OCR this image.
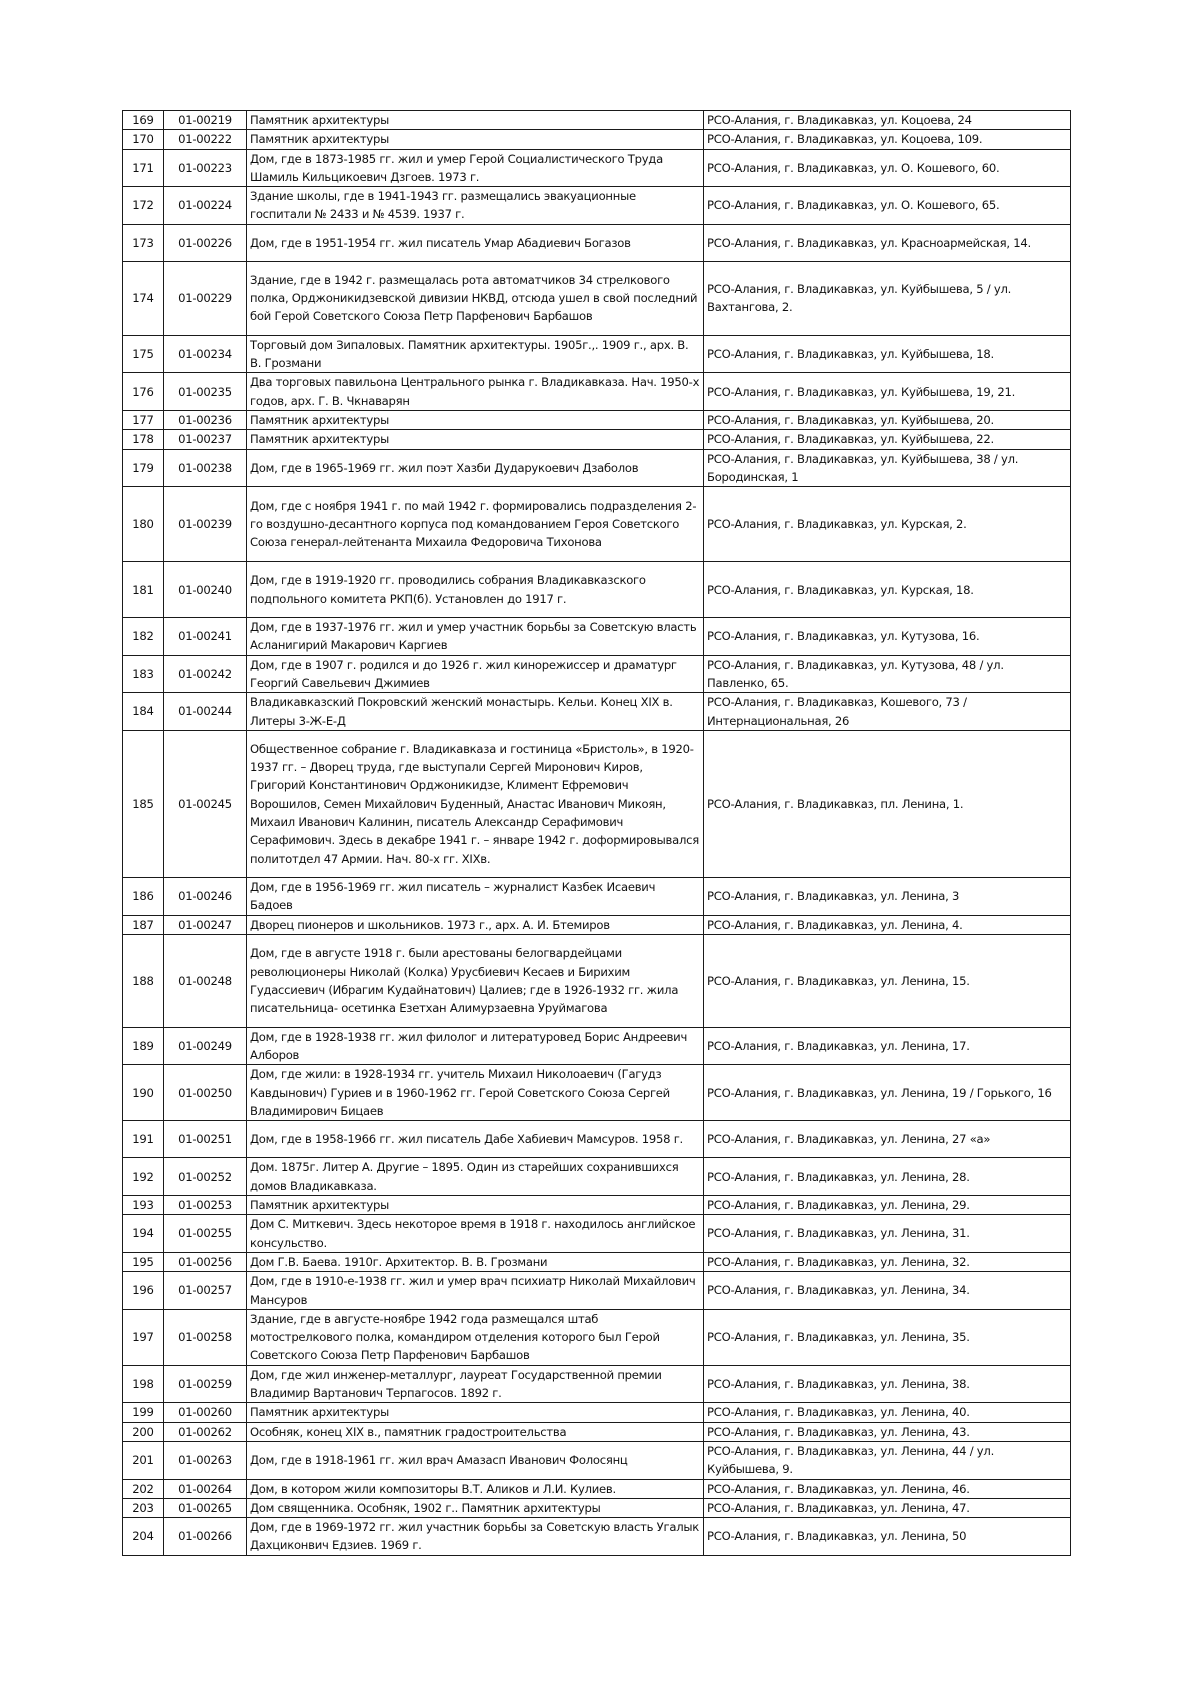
169	01-00219	Памятник архитектуры	РСО-Алания, г. Владикавказ, ул. Коцоева, 24
170	01-00222	Памятник архитектуры	РСО-Алания, г. Владикавказ, ул. Коцоева, 109.
171	01-00223	Дом, где в 1873-1985 гг. жил и умер Герой Социалистического Труда Шамиль Кильцикоевич Дзгоев. 1973 г.	РСО-Алания, г. Владикавказ, ул. О. Кошевого, 60.
172	01-00224	Здание школы, где в 1941-1943 гг. размещались эвакуационные госпитали № 2433 и № 4539. 1937 г.	РСО-Алания, г. Владикавказ, ул. О. Кошевого, 65.
173	01-00226	Дом, где в 1951-1954 гг. жил писатель Умар Абадиевич Богазов	РСО-Алания, г. Владикавказ, ул. Красноармейская, 14.
174	01-00229	Здание, где в 1942 г. размещалась рота автоматчиков 34 стрелкового полка, Орджоникидзевской дивизии НКВД, отсюда ушел в свой последний бой Герой Советского Союза Петр Парфенович Барбашов	РСО-Алания, г. Владикавказ, ул. Куйбышева, 5 / ул. Вахтангова, 2.
175	01-00234	Торговый дом Зипаловых. Памятник архитектуры. 1905г.,. 1909 г., арх. В. В. Грозмани	РСО-Алания, г. Владикавказ, ул. Куйбышева, 18.
176	01-00235	Два торговых павильона Центрального рынка г. Владикавказа. Нач. 1950-х годов, арх. Г. В. Чкнаварян	РСО-Алания, г. Владикавказ, ул. Куйбышева, 19, 21.
177	01-00236	Памятник архитектуры	РСО-Алания, г. Владикавказ, ул. Куйбышева, 20.
178	01-00237	Памятник архитектуры	РСО-Алания, г. Владикавказ, ул. Куйбышева, 22.
179	01-00238	Дом, где в 1965-1969 гг. жил поэт Хазби Дударукоевич Дзаболов	РСО-Алания, г. Владикавказ, ул. Куйбышева, 38 / ул. Бородинская, 1
180	01-00239	Дом, где с ноября 1941 г. по май 1942 г. формировались подразделения 2-го воздушно-десантного корпуса под командованием Героя Советского Союза генерал-лейтенанта Михаила Федоровича Тихонова	РСО-Алания, г. Владикавказ, ул. Курская, 2.
181	01-00240	Дом, где в 1919-1920 гг. проводились собрания Владикавказского подпольного комитета РКП(б). Установлен до 1917 г.	РСО-Алания, г. Владикавказ, ул. Курская, 18.
182	01-00241	Дом, где в 1937-1976 гг. жил и умер участник борьбы за Советскую власть Асланигирий Макарович Каргиев	РСО-Алания, г. Владикавказ, ул. Кутузова, 16.
183	01-00242	Дом, где в 1907 г. родился и до 1926 г. жил кинорежиссер и драматург Георгий Савельевич Джимиев	РСО-Алания, г. Владикавказ, ул. Кутузова, 48 / ул. Павленко, 65.
184	01-00244	Владикавказский Покровский женский монастырь. Кельи. Конец XIX в. Литеры 3-Ж-Е-Д	РСО-Алания, г. Владикавказ, Кошевого, 73 / Интернациональная, 26
185	01-00245	Общественное собрание г. Владикавказа и гостиница «Бристоль», в 1920-1937 гг. – Дворец труда, где выступали Сергей Миронович Киров, Григорий Константинович Орджоникидзе, Климент Ефремович Ворошилов, Семен Михайлович Буденный, Анастас Иванович Микоян, Михаил Иванович Калинин, писатель Александр Серафимович Серафимович. Здесь в декабре 1941 г. – январе 1942 г. доформировывался политотдел 47 Армии. Нач. 80-х гг. XIXв.	РСО-Алания, г. Владикавказ, пл. Ленина, 1.
186	01-00246	Дом, где в 1956-1969 гг. жил писатель – журналист Казбек Исаевич Бадоев	РСО-Алания, г. Владикавказ, ул. Ленина, 3
187	01-00247	Дворец пионеров и школьников. 1973 г., арх. А. И. Бтемиров	РСО-Алания, г. Владикавказ, ул. Ленина, 4.
188	01-00248	Дом, где в августе 1918 г. были арестованы белогвардейцами революционеры Николай (Колка) Урусбиевич Кесаев и Бирихим Гудассиевич (Ибрагим Кудайнатович) Цалиев; где в 1926-1932 гг. жила писательница- осетинка Езетхан Алимурзаевна Уруймагова	РСО-Алания, г. Владикавказ, ул. Ленина, 15.
189	01-00249	Дом, где в 1928-1938 гг. жил филолог и литературовед Борис Андреевич Алборов	РСО-Алания, г. Владикавказ, ул. Ленина, 17.
190	01-00250	Дом, где жили: в 1928-1934 гг. учитель Михаил Николоаевич (Гагудз Кавдынович) Гуриев и в 1960-1962 гг. Герой Советского Союза Сергей Владимирович Бицаев	РСО-Алания, г. Владикавказ, ул. Ленина, 19 / Горького, 16
191	01-00251	Дом, где в 1958-1966 гг. жил писатель Дабе Хабиевич Мамсуров. 1958 г.	РСО-Алания, г. Владикавказ, ул. Ленина, 27 «а»
192	01-00252	Дом. 1875г. Литер А. Другие – 1895. Один из старейших сохранившихся домов Владикавказа.	РСО-Алания, г. Владикавказ, ул. Ленина, 28.
193	01-00253	Памятник архитектуры	РСО-Алания, г. Владикавказ, ул. Ленина, 29.
194	01-00255	Дом С. Миткевич. Здесь некоторое время в 1918 г. находилось английское консульство.	РСО-Алания, г. Владикавказ, ул. Ленина, 31.
195	01-00256	Дом Г.В. Баева. 1910г. Архитектор. В. В. Грозмани	РСО-Алания, г. Владикавказ, ул. Ленина, 32.
196	01-00257	Дом, где в 1910-е-1938 гг. жил и умер врач психиатр Николай Михайлович Мансуров	РСО-Алания, г. Владикавказ, ул. Ленина, 34.
197	01-00258	Здание, где в августе-ноябре 1942 года размещался штаб мотострелкового полка, командиром отделения которого был Герой Советского Союза Петр Парфенович Барбашов	РСО-Алания, г. Владикавказ, ул. Ленина, 35.
198	01-00259	Дом, где жил инженер-металлург, лауреат Государственной премии Владимир Вартанович Терпагосов. 1892 г.	РСО-Алания, г. Владикавказ, ул. Ленина, 38.
199	01-00260	Памятник архитектуры	РСО-Алания, г. Владикавказ, ул. Ленина, 40.
200	01-00262	Особняк, конец XIX в., памятник градостроительства	РСО-Алания, г. Владикавказ, ул. Ленина, 43.
201	01-00263	Дом, где в 1918-1961 гг. жил врач Амазасп Иванович Фолосянц	РСО-Алания, г. Владикавказ, ул. Ленина, 44 / ул. Куйбышева, 9.
202	01-00264	Дом, в котором жили композиторы В.Т. Аликов и Л.И. Кулиев.	РСО-Алания, г. Владикавказ, ул. Ленина, 46.
203	01-00265	Дом священника. Особняк, 1902 г.. Памятник архитектуры	РСО-Алания, г. Владикавказ, ул. Ленина, 47.
204	01-00266	Дом, где в 1969-1972 гг. жил участник борьбы за Советскую власть Угалык Дахциконвич Едзиев. 1969 г.	РСО-Алания, г. Владикавказ, ул. Ленина, 50
